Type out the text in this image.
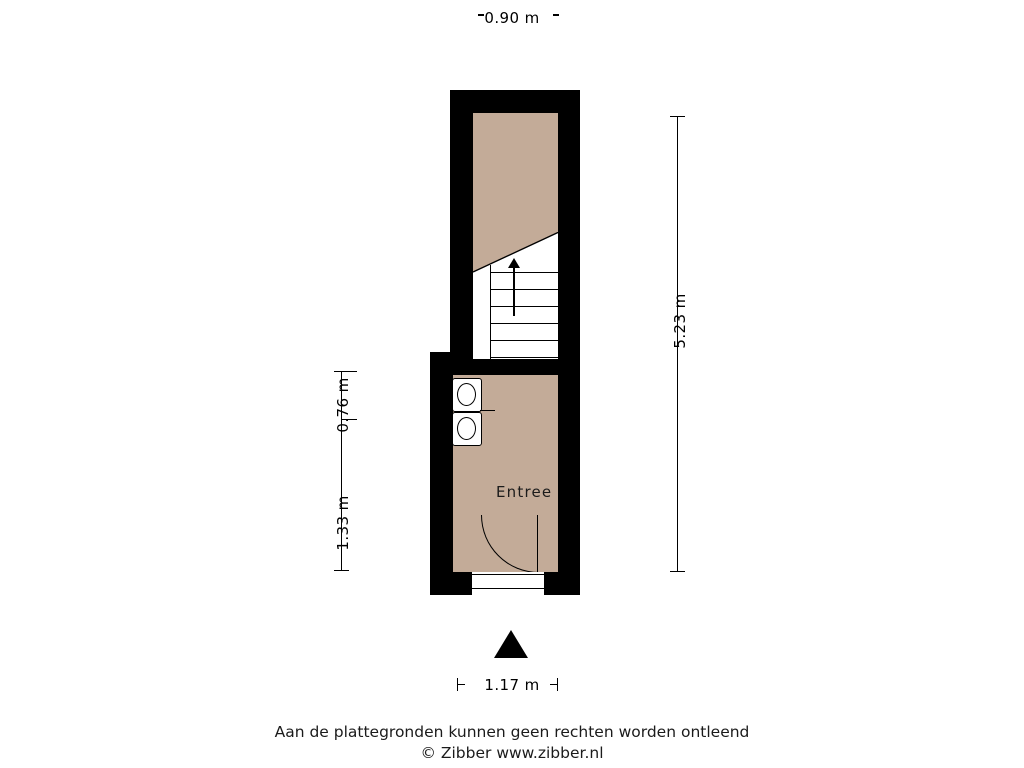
0.90 m
Entree
5.23 m
1.33 m
0.76 m
1.17 m
Aan de plattegronden kunnen geen rechten worden ontleend
© Zibber www.zibber.nl
